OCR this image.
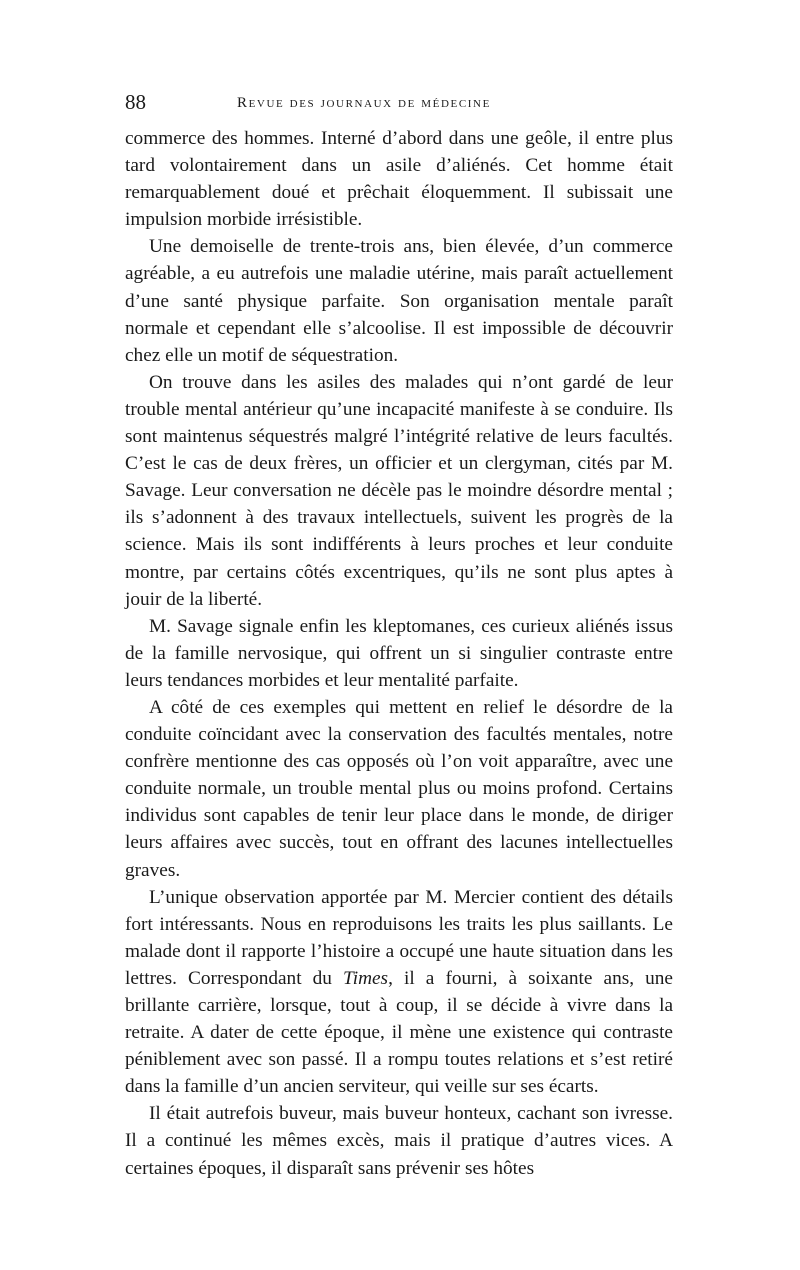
88	revue des journaux de médecine

commerce des hommes. Interné d’abord dans une geôle, il entre plus tard volontairement dans un asile d’aliénés. Cet homme était remarquablement doué et prêchait éloquemment. Il subissait une impulsion morbide irrésistible.

Une demoiselle de trente-trois ans, bien élevée, d’un commerce agréable, a eu autrefois une maladie utérine, mais paraît actuellement d’une santé physique parfaite. Son organisation mentale paraît normale et cependant elle s’alcoolise. Il est impossible de découvrir chez elle un motif de séquestration.

On trouve dans les asiles des malades qui n’ont gardé de leur trouble mental antérieur qu’une incapacité manifeste à se conduire. Ils sont maintenus séquestrés malgré l’intégrité relative de leurs facultés. C’est le cas de deux frères, un officier et un clergyman, cités par M. Savage. Leur conversation ne décèle pas le moindre désordre mental ; ils s’adonnent à des travaux intellectuels, suivent les progrès de la science. Mais ils sont indifférents à leurs proches et leur conduite montre, par certains côtés excentriques, qu’ils ne sont plus aptes à jouir de la liberté.

M. Savage signale enfin les kleptomanes, ces curieux aliénés issus de la famille nervosique, qui offrent un si singulier contraste entre leurs tendances morbides et leur mentalité parfaite.

A côté de ces exemples qui mettent en relief le désordre de la conduite coïncidant avec la conservation des facultés mentales, notre confrère mentionne des cas opposés où l’on voit apparaître, avec une conduite normale, un trouble mental plus ou moins profond. Certains individus sont capables de tenir leur place dans le monde, de diriger leurs affaires avec succès, tout en offrant des lacunes intellectuelles graves.

L’unique observation apportée par M. Mercier contient des détails fort intéressants. Nous en reproduisons les traits les plus saillants. Le malade dont il rapporte l’histoire a occupé une haute situation dans les lettres. Correspondant du Times, il a fourni, à soixante ans, une brillante carrière, lorsque, tout à coup, il se décide à vivre dans la retraite. A dater de cette époque, il mène une existence qui contraste péniblement avec son passé. Il a rompu toutes relations et s’est retiré dans la famille d’un ancien serviteur, qui veille sur ses écarts.

Il était autrefois buveur, mais buveur honteux, cachant son ivresse. Il a continué les mêmes excès, mais il pratique d’autres vices. A certaines époques, il disparaît sans prévenir ses hôtes
